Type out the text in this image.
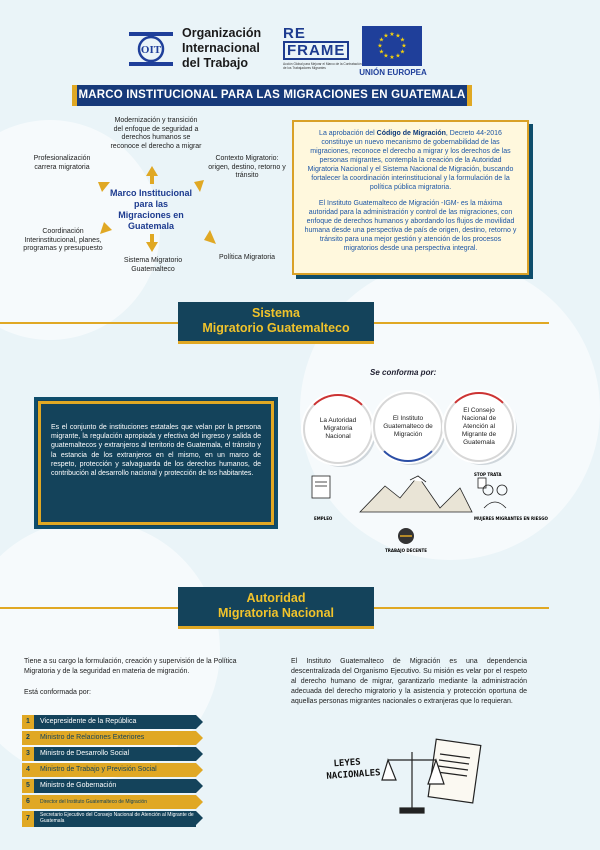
OIT
Organización
Internacional
del Trabajo
RE
FRAME
Acción Global para Mejorar el Marco de la Contratación de los Trabajadores Migrantes
★ ★
★
★
★
★
★
★
★
★
★
★
UNIÓN EUROPEA
MARCO INSTITUCIONAL PARA LAS MIGRACIONES EN GUATEMALA
Modernización y transición del enfoque de seguridad a derechos humanos se reconoce el derecho a migrar
Profesionalización carrera migratoria
Contexto Migratorio: origen, destino, retorno y tránsito
Coordinación Interinstitucional, planes, programas y presupuesto
Sistema Migratorio Guatemalteco
Política Migratoria
Marco Institucional para las Migraciones en Guatemala

La aprobación del Código de Migración, Decreto 44-2016 constituye un nuevo mecanismo de gobernabilidad de las migraciones, reconoce el derecho a migrar y los derechos de las personas migrantes, contempla la creación de la Autoridad Migratoria Nacional y el Sistema Nacional de Migración, buscando fortalecer la coordinación interinstitucional y la formulación de la política pública migratoria.

El Instituto Guatemalteco de Migración -IGM- es la máxima autoridad para la administración y control de las migraciones, con enfoque de derechos humanos y abordando los flujos de movilidad humana desde una perspectiva de país de origen, destino, retorno y tránsito para una mejor gestión y atención de los procesos migratorios desde una perspectiva integral.

Sistema
Migratorio Guatemalteco
Se conforma por:

Es el conjunto de instituciones estatales que velan por la persona migrante, la regulación apropiada y efectiva del ingreso y salida de guatemaltecos y extranjeros al territorio de Guatemala, el tránsito y la estancia de los extranjeros en el mismo, en un marco de respeto, protección y salvaguarda de los derechos humanos, de contribución al desarrollo nacional y protección de los habitantes.

La Autoridad Migratoria Nacional
El Instituto Guatemalteco de Migración
El Consejo Nacional de Atención al Migrante de Guatemala
EMPLEO	MUJERES MIGRANTES EN RIESGO
STOP TRATA
TRABAJO DECENTE
Autoridad
Migratoria Nacional
Tiene a su cargo la formulación, creación y supervisión de la Política Migratoria y de la seguridad en materia de migración.
Está conformada por:
1	Vicepresidente de la República
2	Ministro de Relaciones Exteriores
3	Ministro de Desarrollo Social
4	Ministro de Trabajo y Previsión Social
5	Ministro de Gobernación
6	Director del Instituto Guatemalteco de Migración
7	Secretario Ejecutivo del Consejo Nacional de Atención al Migrante de Guatemala
El Instituto Guatemalteco de Migración es una dependencia descentralizada del Organismo Ejecutivo. Su misión es velar por el respeto al derecho humano de migrar, garantizarlo mediante la administración adecuada del derecho migratorio y la asistencia y protección oportuna de aquellas personas migrantes nacionales o extranjeras que lo requieran.
LEYES
NACIONALES
